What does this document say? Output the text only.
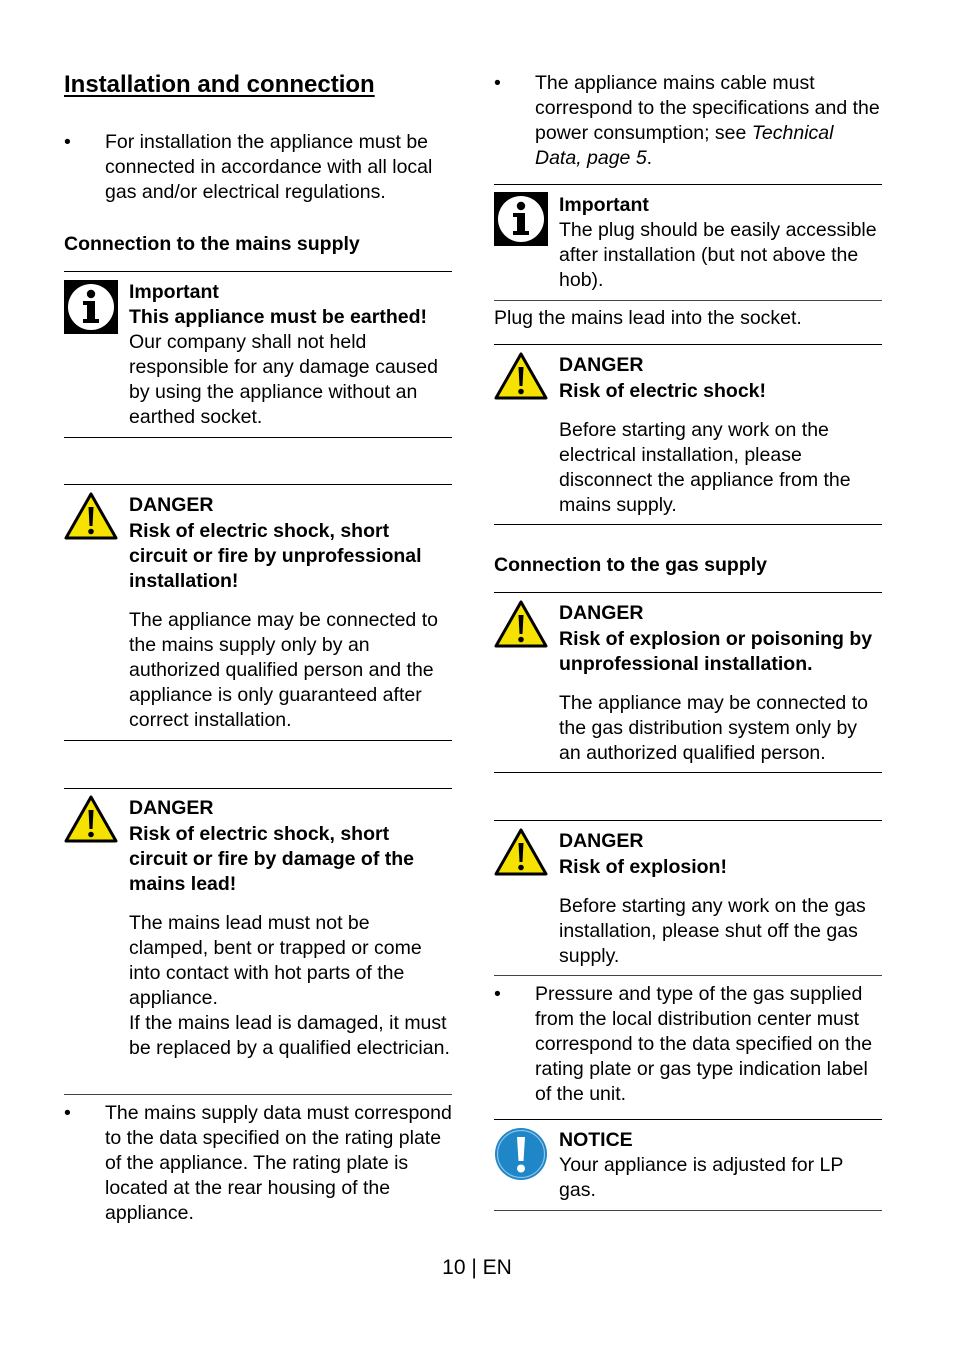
Installation and connection
•	For installation the appliance must be connected in accordance with all local gas and/or electrical regulations.
Connection to the mains supply
Important
This appliance must be earthed!
Our company shall not held responsible for any damage caused by using the appliance without an earthed socket.
DANGER
Risk of electric shock, short circuit or fire by unprofessional installation!
The appliance may be connected to the mains supply only by an authorized qualified person and the appliance is only guaranteed after correct installation.
DANGER
Risk of electric shock, short circuit or fire by damage of the mains lead!
The mains lead must not be clamped, bent or trapped or come into contact with hot parts of the appliance.
If the mains lead is damaged, it must be replaced by a qualified electrician.
•	The mains supply data must correspond to the data specified on the rating plate of the appliance. The rating plate is located at the rear housing of the appliance.
•	The appliance mains cable must correspond to the specifications and the power consumption; see Technical Data, page 5.
Important
The plug should be easily accessible after installation (but not above the hob).
Plug the mains lead into the socket.
DANGER
Risk of electric shock!
Before starting any work on the electrical installation, please disconnect the appliance from the mains supply.
Connection to the gas supply
DANGER
Risk of explosion or poisoning by unprofessional installation.
The appliance may be connected to the gas distribution system only by an authorized qualified person.
DANGER
Risk of explosion!
Before starting any work on the gas installation, please shut off the gas supply.
•	Pressure and type of the gas supplied from the local distribution center must correspond to the data specified on the rating plate or gas type indication label of the unit.
NOTICE
Your appliance is adjusted for LP gas.
10 | EN
